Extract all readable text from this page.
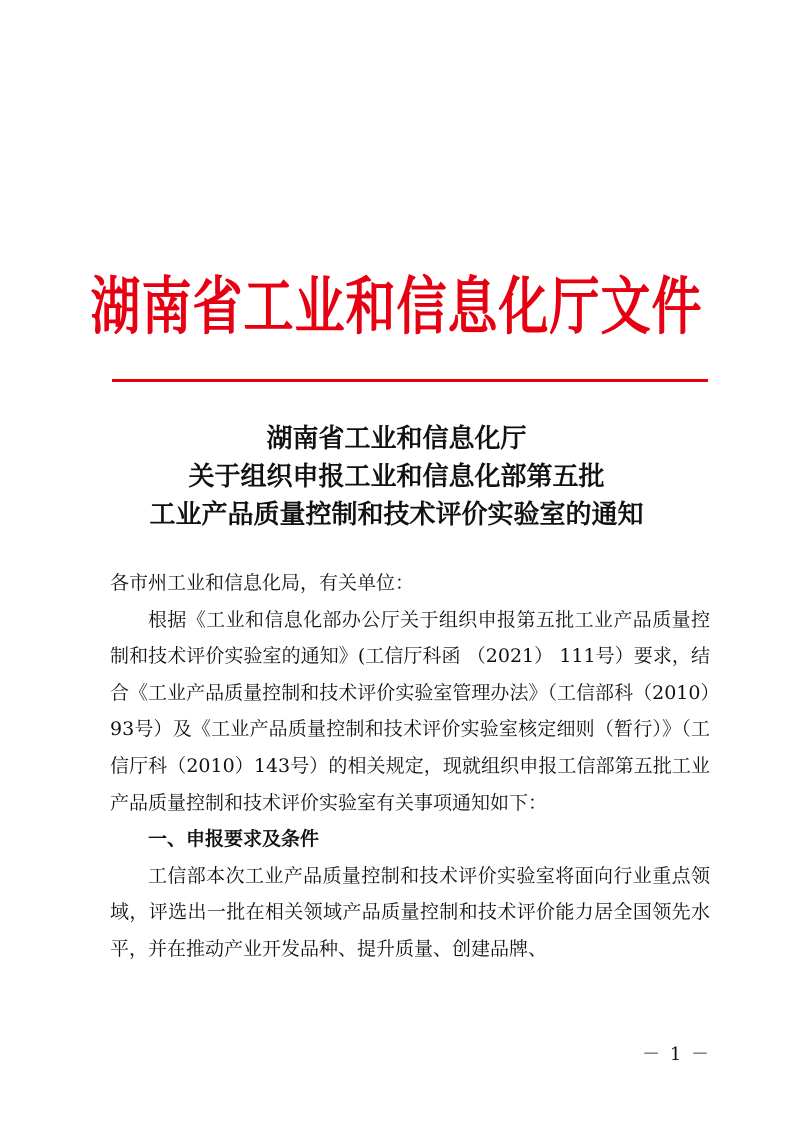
湖南省工业和信息化厅文件
湖南省工业和信息化厅
关于组织申报工业和信息化部第五批
工业产品质量控制和技术评价实验室的通知

各市州工业和信息化局，有关单位：

根据《工业和信息化部办公厅关于组织申报第五批工业产品质量控制和技术评价实验室的通知》(工信厅科函 （2021） 111号）要求，结合《工业产品质量控制和技术评价实验室管理办法》（工信部科（2010）93号）及《工业产品质量控制和技术评价实验室核定细则（暂行）》（工信厅科（2010）143号）的相关规定，现就组织申报工信部第五批工业产品质量控制和技术评价实验室有关事项通知如下：

一、申报要求及条件

工信部本次工业产品质量控制和技术评价实验室将面向行业重点领域，评选出一批在相关领域产品质量控制和技术评价能力居全国领先水平，并在推动产业开发品种、提升质量、创建品牌、

－ 1 －
